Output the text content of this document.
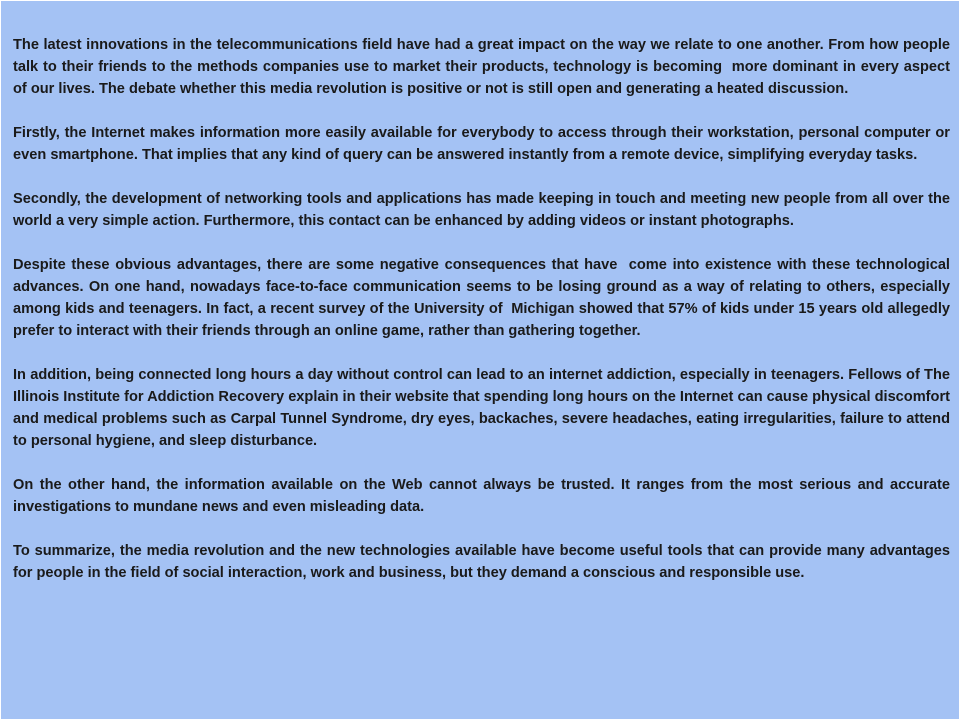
The latest innovations in the telecommunications field have had a great impact on the way we relate to one another. From how people talk to their friends to the methods companies use to market their products, technology is becoming  more dominant in every aspect of our lives. The debate whether this media revolution is positive or not is still open and generating a heated discussion.

Firstly, the Internet makes information more easily available for everybody to access through their workstation, personal computer or even smartphone. That implies that any kind of query can be answered instantly from a remote device, simplifying everyday tasks.

Secondly, the development of networking tools and applications has made keeping in touch and meeting new people from all over the world a very simple action. Furthermore, this contact can be enhanced by adding videos or instant photographs.

Despite these obvious advantages, there are some negative consequences that have  come into existence with these technological advances. On one hand, nowadays face-to-face communication seems to be losing ground as a way of relating to others, especially among kids and teenagers. In fact, a recent survey of the University of  Michigan showed that 57% of kids under 15 years old allegedly prefer to interact with their friends through an online game, rather than gathering together.

In addition, being connected long hours a day without control can lead to an internet addiction, especially in teenagers. Fellows of The Illinois Institute for Addiction Recovery explain in their website that spending long hours on the Internet can cause physical discomfort and medical problems such as Carpal Tunnel Syndrome, dry eyes, backaches, severe headaches, eating irregularities, failure to attend to personal hygiene, and sleep disturbance.

On the other hand, the information available on the Web cannot always be trusted. It ranges from the most serious and accurate investigations to mundane news and even misleading data.

To summarize, the media revolution and the new technologies available have become useful tools that can provide many advantages for people in the field of social interaction, work and business, but they demand a conscious and responsible use.
